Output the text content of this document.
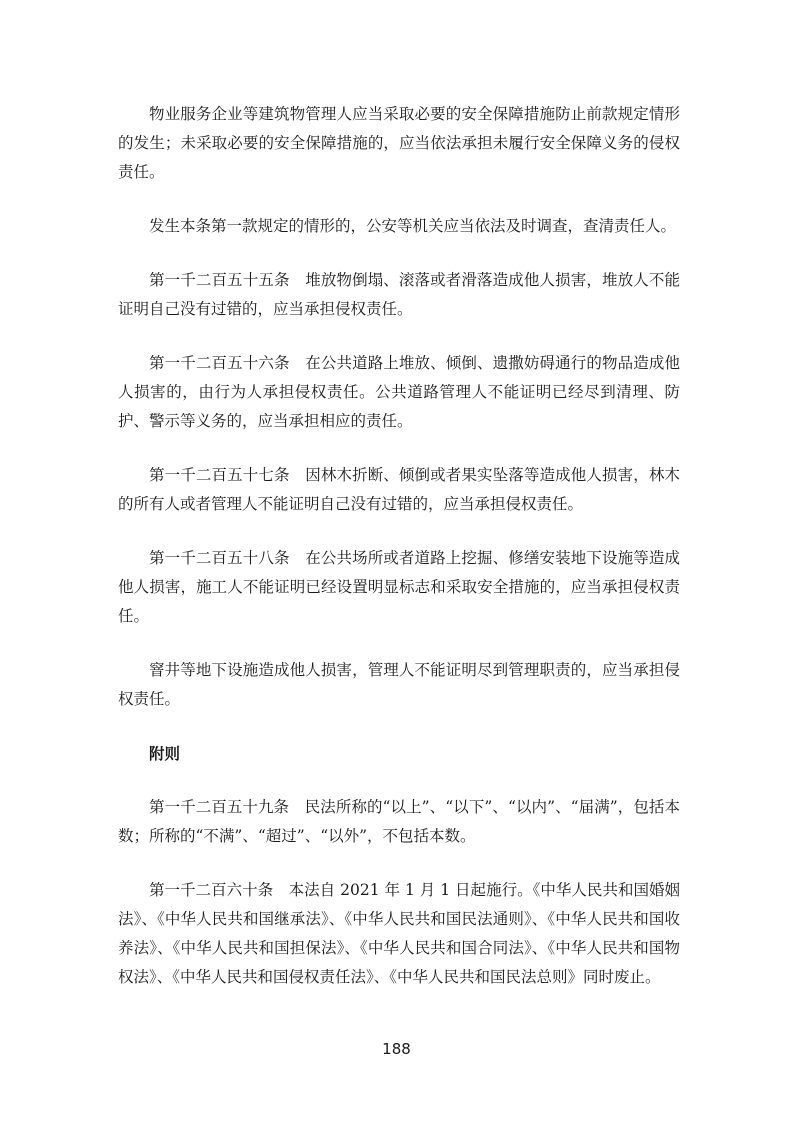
物业服务企业等建筑物管理人应当采取必要的安全保障措施防止前款规定情形的发生；未采取必要的安全保障措施的，应当依法承担未履行安全保障义务的侵权责任。

发生本条第一款规定的情形的，公安等机关应当依法及时调查，查清责任人。

第一千二百五十五条　堆放物倒塌、滚落或者滑落造成他人损害，堆放人不能证明自己没有过错的，应当承担侵权责任。

第一千二百五十六条　在公共道路上堆放、倾倒、遗撒妨碍通行的物品造成他人损害的，由行为人承担侵权责任。公共道路管理人不能证明已经尽到清理、防护、警示等义务的，应当承担相应的责任。

第一千二百五十七条　因林木折断、倾倒或者果实坠落等造成他人损害，林木的所有人或者管理人不能证明自己没有过错的，应当承担侵权责任。

第一千二百五十八条　在公共场所或者道路上挖掘、修缮安装地下设施等造成他人损害，施工人不能证明已经设置明显标志和采取安全措施的，应当承担侵权责任。

窨井等地下设施造成他人损害，管理人不能证明尽到管理职责的，应当承担侵权责任。

附则

第一千二百五十九条　民法所称的“以上”、“以下”、“以内”、“届满”，包括本数；所称的“不满”、“超过”、“以外”，不包括本数。

第一千二百六十条　本法自 2021 年 1 月 1 日起施行。《中华人民共和国婚姻法》、《中华人民共和国继承法》、《中华人民共和国民法通则》、《中华人民共和国收养法》、《中华人民共和国担保法》、《中华人民共和国合同法》、《中华人民共和国物权法》、《中华人民共和国侵权责任法》、《中华人民共和国民法总则》同时废止。

188
